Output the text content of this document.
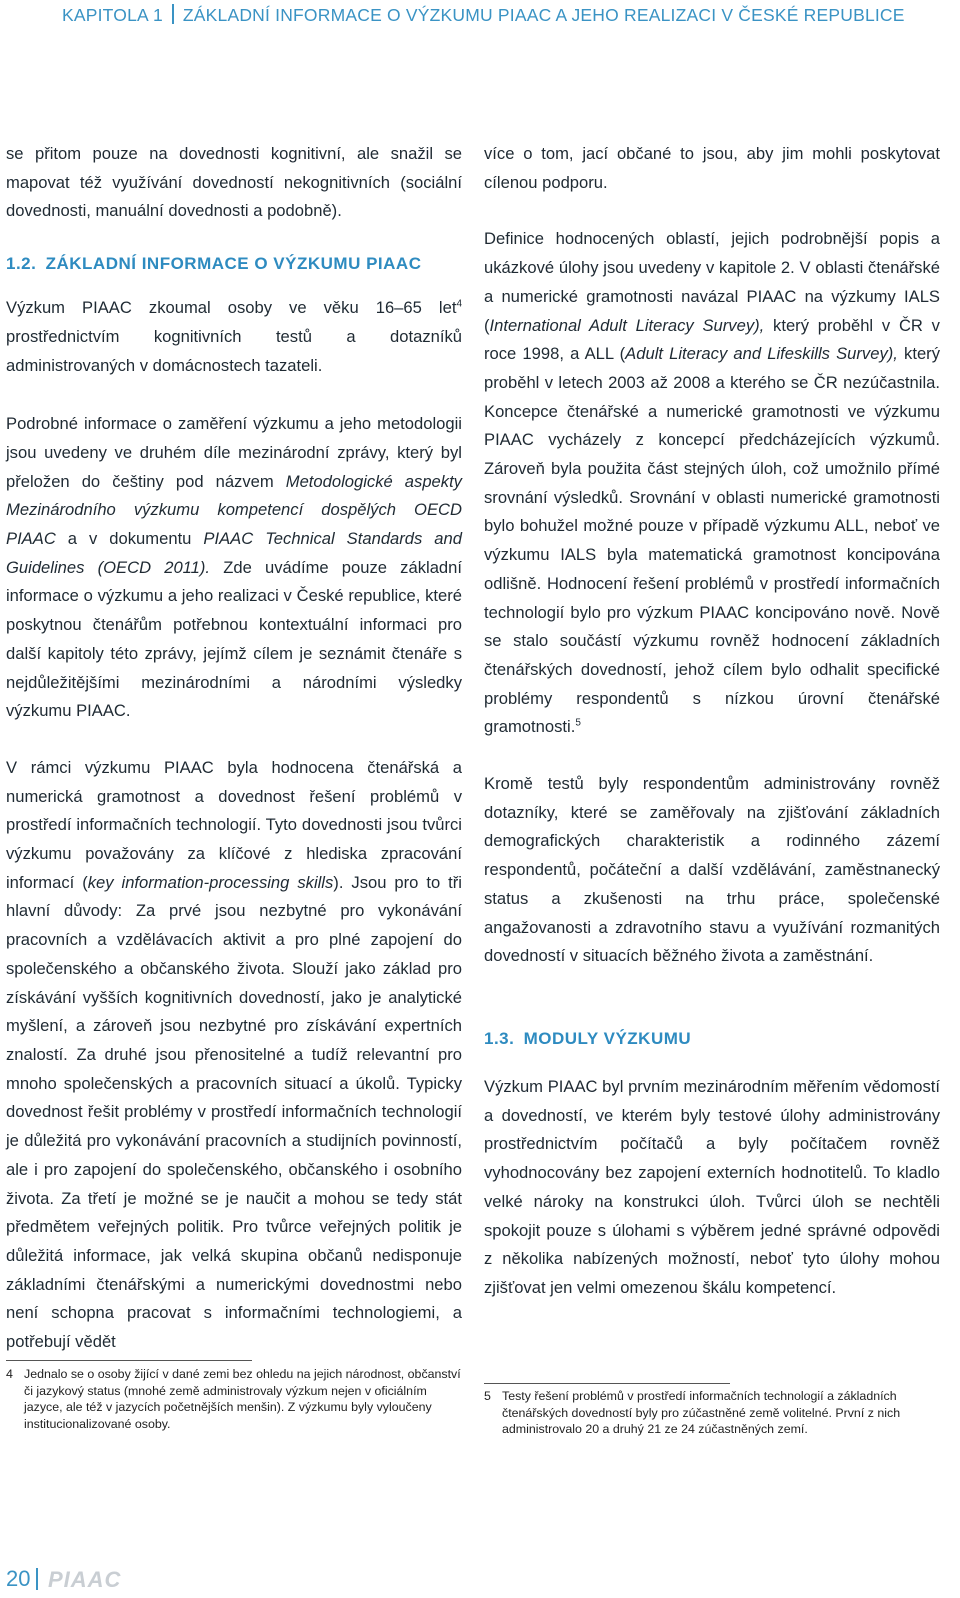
KAPITOLA 1 ZÁKLADNÍ INFORMACE O VÝZKUMU PIAAC A JEHO REALIZACI V ČESKÉ REPUBLICE

se přitom pouze na dovednosti kognitivní, ale snažil se mapovat též využívání dovedností nekognitivních (sociální dovednosti, manuální dovednosti a podobně).

1.2. ZÁKLADNÍ INFORMACE O VÝZKUMU PIAAC

Výzkum PIAAC zkoumal osoby ve věku 16–65 let$^4$ prostřednictvím kognitivních testů a dotazníků administrovaných v domácnostech tazateli.

Podrobné informace o zaměření výzkumu a jeho metodologii jsou uvedeny ve druhém díle mezinárodní zprávy, který byl přeložen do češtiny pod názvem Metodologické aspekty Mezinárodního výzkumu kompetencí dospělých OECD PIAAC a v dokumentu PIAAC Technical Standards and Guidelines (OECD 2011). Zde uvádíme pouze základní informace o výzkumu a jeho realizaci v České republice, které poskytnou čtenářům potřebnou kontextuální informaci pro další kapitoly této zprávy, jejímž cílem je seznámit čtenáře s nejdůležitějšími mezinárodními a národními výsledky výzkumu PIAAC.

V rámci výzkumu PIAAC byla hodnocena čtenářská a numerická gramotnost a dovednost řešení problémů v prostředí informačních technologií. Tyto dovednosti jsou tvůrci výzkumu považovány za klíčové z hlediska zpracování informací (key information-processing skills). Jsou pro to tři hlavní důvody: Za prvé jsou nezbytné pro vykonávání pracovních a vzdělávacích aktivit a pro plné zapojení do společenského a občanského života. Slouží jako základ pro získávání vyšších kognitivních dovedností, jako je analytické myšlení, a zároveň jsou nezbytné pro získávání expertních znalostí. Za druhé jsou přenositelné a tudíž relevantní pro mnoho společenských a pracovních situací a úkolů. Typicky dovednost řešit problémy v prostředí informačních technologií je důležitá pro vykonávání pracovních a studijních povinností, ale i pro zapojení do společenského, občanského i osobního života. Za třetí je možné se je naučit a mohou se tedy stát předmětem veřejných politik. Pro tvůrce veřejných politik je důležitá informace, jak velká skupina občanů nedisponuje základními čtenářskými a numerickými dovednostmi nebo není schopna pracovat s informačními technologiemi, a potřebují vědět

více o tom, jací občané to jsou, aby jim mohli poskytovat cílenou podporu.

Definice hodnocených oblastí, jejich podrobnější popis a ukázkové úlohy jsou uvedeny v kapitole 2. V oblasti čtenářské a numerické gramotnosti navázal PIAAC na výzkumy IALS (International Adult Literacy Survey), který proběhl v ČR v roce 1998, a ALL (Adult Literacy and Lifeskills Survey), který proběhl v letech 2003 až 2008 a kterého se ČR nezúčastnila. Koncepce čtenářské a numerické gramotnosti ve výzkumu PIAAC vycházely z koncepcí předcházejících výzkumů. Zároveň byla použita část stejných úloh, což umožnilo přímé srovnání výsledků. Srovnání v oblasti numerické gramotnosti bylo bohužel možné pouze v případě výzkumu ALL, neboť ve výzkumu IALS byla matematická gramotnost koncipována odlišně. Hodnocení řešení problémů v prostředí informačních technologií bylo pro výzkum PIAAC koncipováno nově. Nově se stalo součástí výzkumu rovněž hodnocení základních čtenářských dovedností, jehož cílem bylo odhalit specifické problémy respondentů s nízkou úrovní čtenářské gramotnosti.$^5$

Kromě testů byly respondentům administrovány rovněž dotazníky, které se zaměřovaly na zjišťování základních demografických charakteristik a rodinného zázemí respondentů, počáteční a další vzdělávání, zaměstnanecký status a zkušenosti na trhu práce, společenské angažovanosti a zdravotního stavu a využívání rozmanitých dovedností v situacích běžného života a zaměstnání.

1.3. MODULY VÝZKUMU

Výzkum PIAAC byl prvním mezinárodním měřením vědomostí a dovedností, ve kterém byly testové úlohy administrovány prostřednictvím počítačů a byly počítačem rovněž vyhodnocovány bez zapojení externích hodnotitelů. To kladlo velké nároky na konstrukci úloh. Tvůrci úloh se nechtěli spokojit pouze s úlohami s výběrem jedné správné odpovědi z několika nabízených možností, neboť tyto úlohy mohou zjišťovat jen velmi omezenou škálu kompetencí.

4 Jednalo se o osoby žijící v dané zemi bez ohledu na jejich národnost, občanství či jazykový status (mnohé země administrovaly výzkum nejen v oficiálním jazyce, ale též v jazycích početnějších menšin). Z výzkumu byly vyloučeny institucionalizované osoby.
5 Testy řešení problémů v prostředí informačních technologií a základních čtenářských dovedností byly pro zúčastněné země volitelné. První z nich administrovalo 20 a druhý 21 ze 24 zúčastněných zemí.
20 PIAAC
